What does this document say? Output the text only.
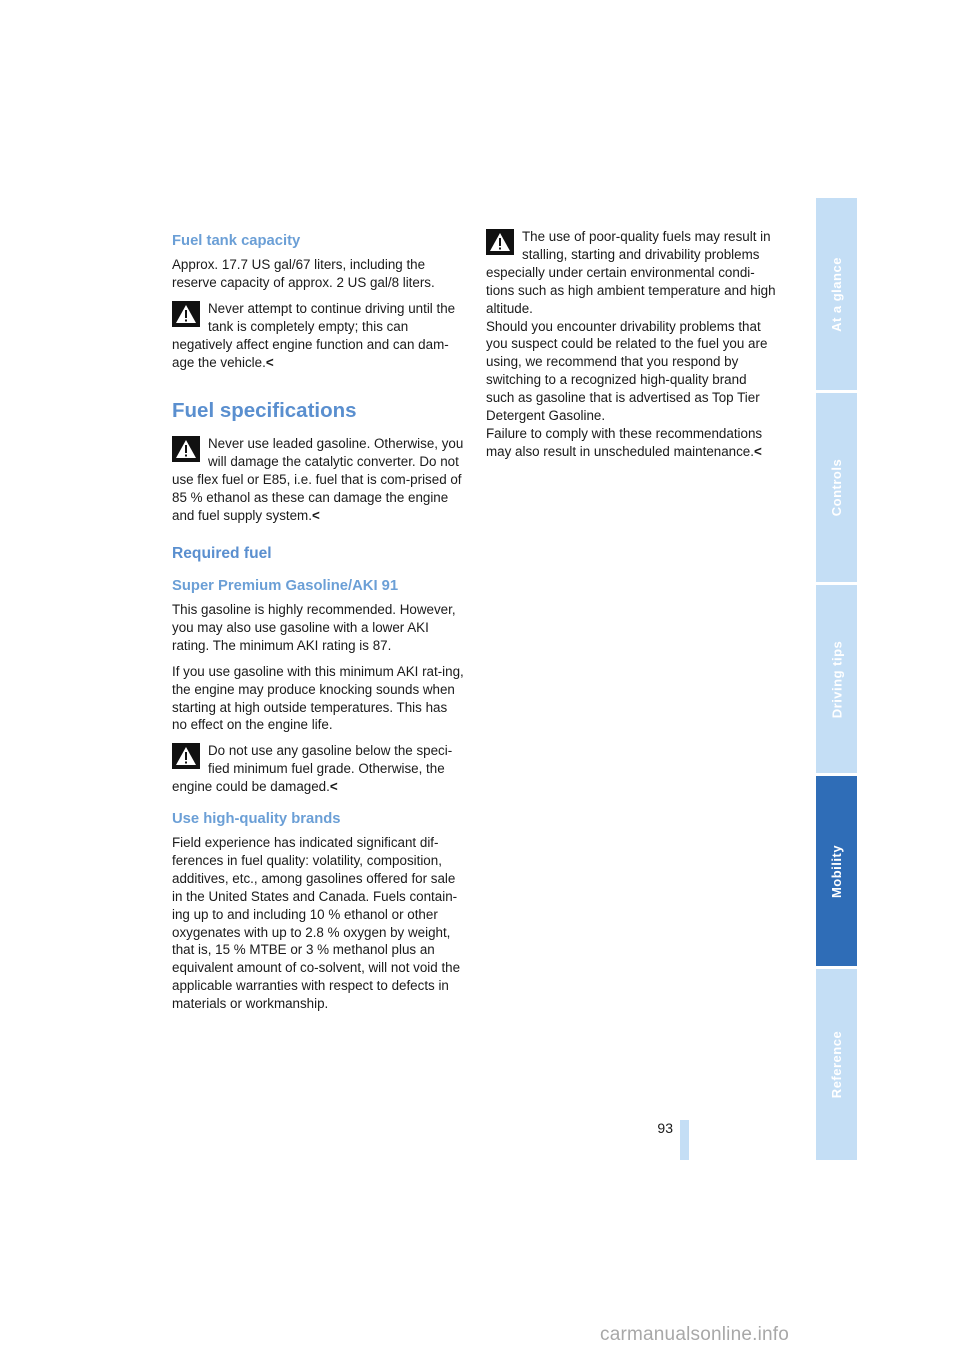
Fuel tank capacity

Approx. 17.7 US gal/67 liters, including the reserve capacity of approx. 2 US gal/8 liters.

Never attempt to continue driving until the tank is completely empty; this can negatively affect engine function and can dam-age the vehicle.<
Fuel specifications
Never use leaded gasoline. Otherwise, you will damage the catalytic converter. Do not use flex fuel or E85, i.e. fuel that is com-prised of 85 % ethanol as these can damage the engine and fuel supply system.<
Required fuel
Super Premium Gasoline/AKI 91

This gasoline is highly recommended. However, you may also use gasoline with a lower AKI rating. The minimum AKI rating is 87.

If you use gasoline with this minimum AKI rat-ing, the engine may produce knocking sounds when starting at high outside temperatures. This has no effect on the engine life.

Do not use any gasoline below the speci-fied minimum fuel grade. Otherwise, the engine could be damaged.<
Use high-quality brands

Field experience has indicated significant dif-ferences in fuel quality: volatility, composition, additives, etc., among gasolines offered for sale in the United States and Canada. Fuels contain-ing up to and including 10 % ethanol or other oxygenates with up to 2.8 % oxygen by weight, that is, 15 % MTBE or 3 % methanol plus an equivalent amount of co-solvent, will not void the applicable warranties with respect to defects in materials or workmanship.

The use of poor-quality fuels may result in stalling, starting and drivability problems especially under certain environmental condi-tions such as high ambient temperature and high altitude.

Should you encounter drivability problems that you suspect could be related to the fuel you are using, we recommend that you respond by switching to a recognized high-quality brand such as gasoline that is advertised as Top Tier Detergent Gasoline.

Failure to comply with these recommendations may also result in unscheduled maintenance.<

At a glance
Controls
Driving tips
Mobility
Reference
93
carmanualsonline.info
